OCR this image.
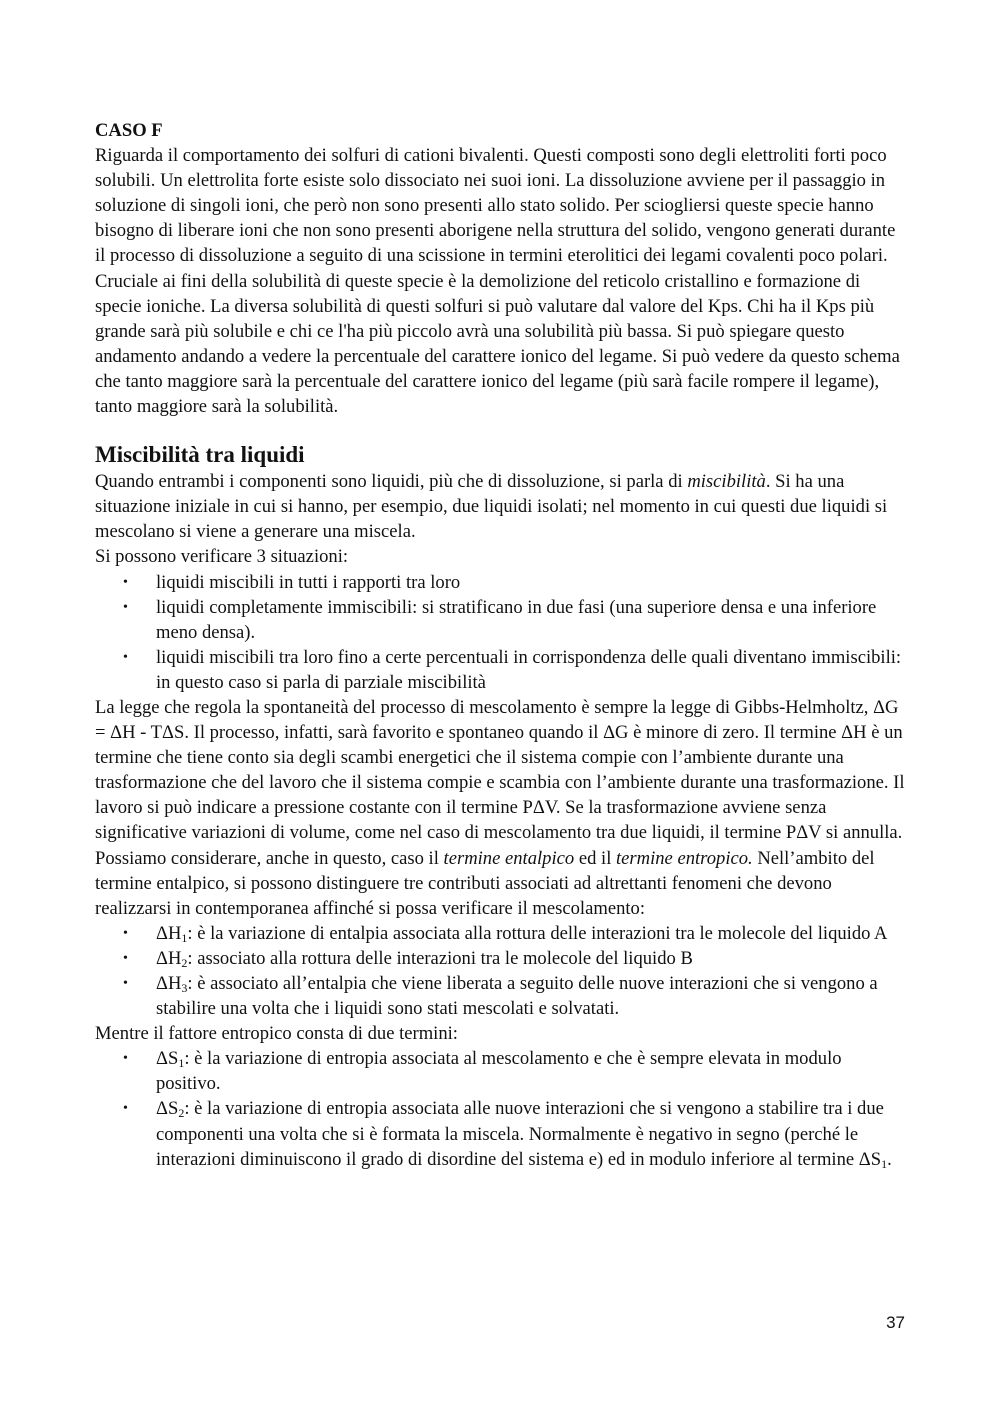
CASO F

Riguarda il comportamento dei solfuri di cationi bivalenti. Questi composti sono degli elettroliti forti poco solubili. Un elettrolita forte esiste solo dissociato nei suoi ioni. La dissoluzione avviene per il passaggio in soluzione di singoli ioni, che però non sono presenti allo stato solido. Per sciogliersi queste specie hanno bisogno di liberare ioni che non sono presenti aborigene nella struttura del solido, vengono generati durante il processo di dissoluzione a seguito di una scissione in termini eterolitici dei legami covalenti poco polari. Cruciale ai fini della solubilità di queste specie è la demolizione del reticolo cristallino e formazione di specie ioniche. La diversa solubilità di questi solfuri si può valutare dal valore del Kps. Chi ha il Kps più grande sarà più solubile e chi ce l'ha più piccolo avrà una solubilità più bassa. Si può spiegare questo andamento andando a vedere la percentuale del carattere ionico del legame. Si può vedere da questo schema che tanto maggiore sarà la percentuale del carattere ionico del legame (più sarà facile rompere il legame), tanto maggiore sarà la solubilità.

Miscibilità tra liquidi

Quando entrambi i componenti sono liquidi, più che di dissoluzione, si parla di miscibilità. Si ha una situazione iniziale in cui si hanno, per esempio, due liquidi isolati; nel momento in cui questi due liquidi si mescolano si viene a generare una miscela.

Si possono verificare 3 situazioni:

• liquidi miscibili in tutti i rapporti tra loro
• liquidi completamente immiscibili: si stratificano in due fasi (una superiore densa e una inferiore meno densa).
• liquidi miscibili tra loro fino a certe percentuali in corrispondenza delle quali diventano immiscibili: in questo caso si parla di parziale miscibilità

La legge che regola la spontaneità del processo di mescolamento è sempre la legge di Gibbs-Helmholtz, ΔG = ΔH - TΔS. Il processo, infatti, sarà favorito e spontaneo quando il ΔG è minore di zero. Il termine ΔH è un termine che tiene conto sia degli scambi energetici che il sistema compie con l’ambiente durante una trasformazione che del lavoro che il sistema compie e scambia con l’ambiente durante una trasformazione. Il lavoro si può indicare a pressione costante con il termine PΔV. Se la trasformazione avviene senza significative variazioni di volume, come nel caso di mescolamento tra due liquidi, il termine PΔV si annulla. Possiamo considerare, anche in questo, caso il termine entalpico ed il termine entropico. Nell’ambito del termine entalpico, si possono distinguere tre contributi associati ad altrettanti fenomeni che devono realizzarsi in contemporanea affinché si possa verificare il mescolamento:

• $\Delta H_1$: è la variazione di entalpia associata alla rottura delle interazioni tra le molecole del liquido A
• $\Delta H_2$: associato alla rottura delle interazioni tra le molecole del liquido B
• $\Delta H_3$: è associato all’entalpia che viene liberata a seguito delle nuove interazioni che si vengono a stabilire una volta che i liquidi sono stati mescolati e solvatati.

Mentre il fattore entropico consta di due termini:

• $\Delta S_1$: è la variazione di entropia associata al mescolamento e che è sempre elevata in modulo positivo.
• $\Delta S_2$: è la variazione di entropia associata alle nuove interazioni che si vengono a stabilire tra i due componenti una volta che si è formata la miscela. Normalmente è negativo in segno (perché le interazioni diminuiscono il grado di disordine del sistema e) ed in modulo inferiore al termine $\Delta S_1$.
37
